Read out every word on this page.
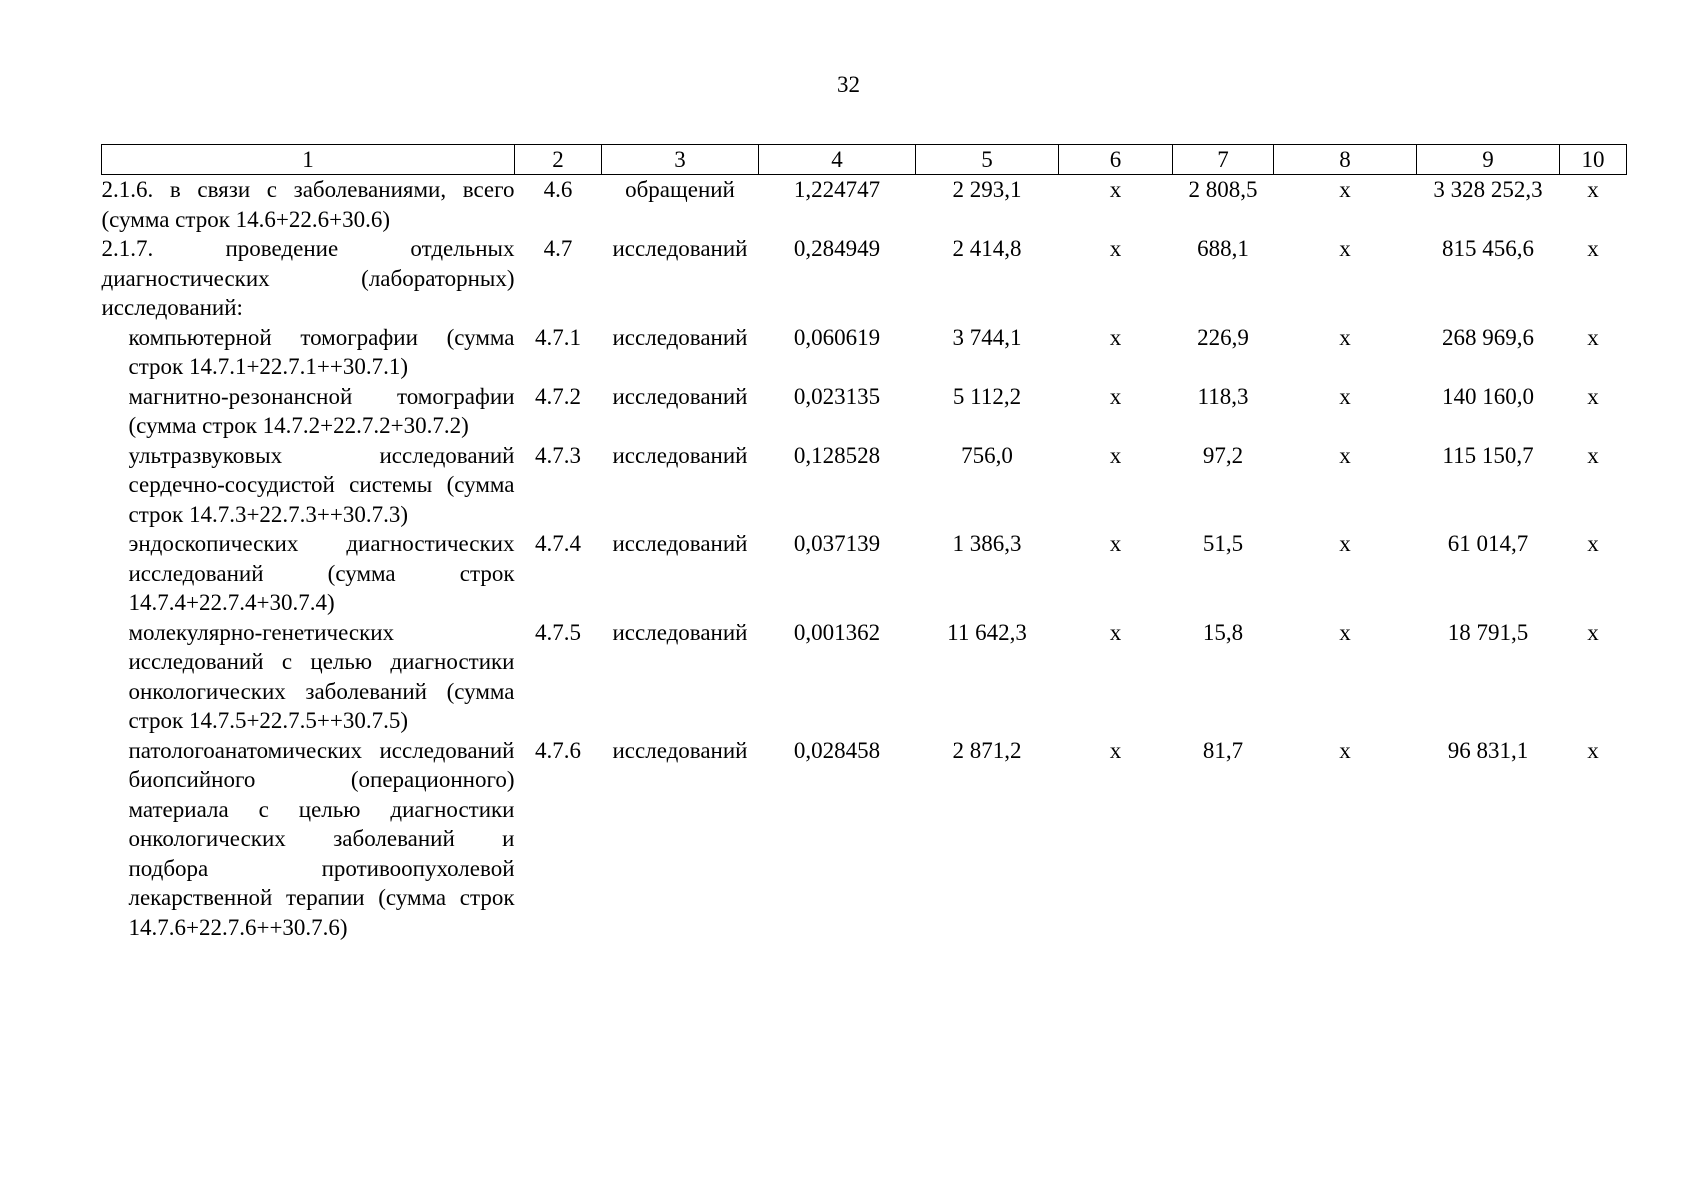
32
1	2	3	4	5	6	7	8	9	10
2.1.6. в связи с заболеваниями, всего (сумма строк 14.6+22.6+30.6)	4.6	обращений	1,224747	2 293,1	х	2 808,5	х	3 328 252,3	х
2.1.7. проведение отдельных диагностических (лабораторных) исследований:	4.7	исследований	0,284949	2 414,8	х	688,1	х	815 456,6	х
компьютерной томографии (сумма строк 14.7.1+22.7.1++30.7.1)	4.7.1	исследований	0,060619	3 744,1	х	226,9	х	268 969,6	х
магнитно-резонансной томографии (сумма строк 14.7.2+22.7.2+30.7.2)	4.7.2	исследований	0,023135	5 112,2	х	118,3	х	140 160,0	х
ультразвуковых исследований сердечно-сосудистой системы (сумма строк 14.7.3+22.7.3++30.7.3)	4.7.3	исследований	0,128528	756,0	х	97,2	х	115 150,7	х
эндоскопических диагностических исследований (сумма строк 14.7.4+22.7.4+30.7.4)	4.7.4	исследований	0,037139	1 386,3	х	51,5	х	61 014,7	х
молекулярно-генетических исследований с целью диагностики онкологических заболеваний (сумма строк 14.7.5+22.7.5++30.7.5)	4.7.5	исследований	0,001362	11 642,3	х	15,8	х	18 791,5	х
патологоанатомических исследований биопсийного (операционного) материала с целью диагностики онкологических заболеваний и подбора противоопухолевой лекарственной терапии (сумма строк 14.7.6+22.7.6++30.7.6)	4.7.6	исследований	0,028458	2 871,2	х	81,7	х	96 831,1	х
